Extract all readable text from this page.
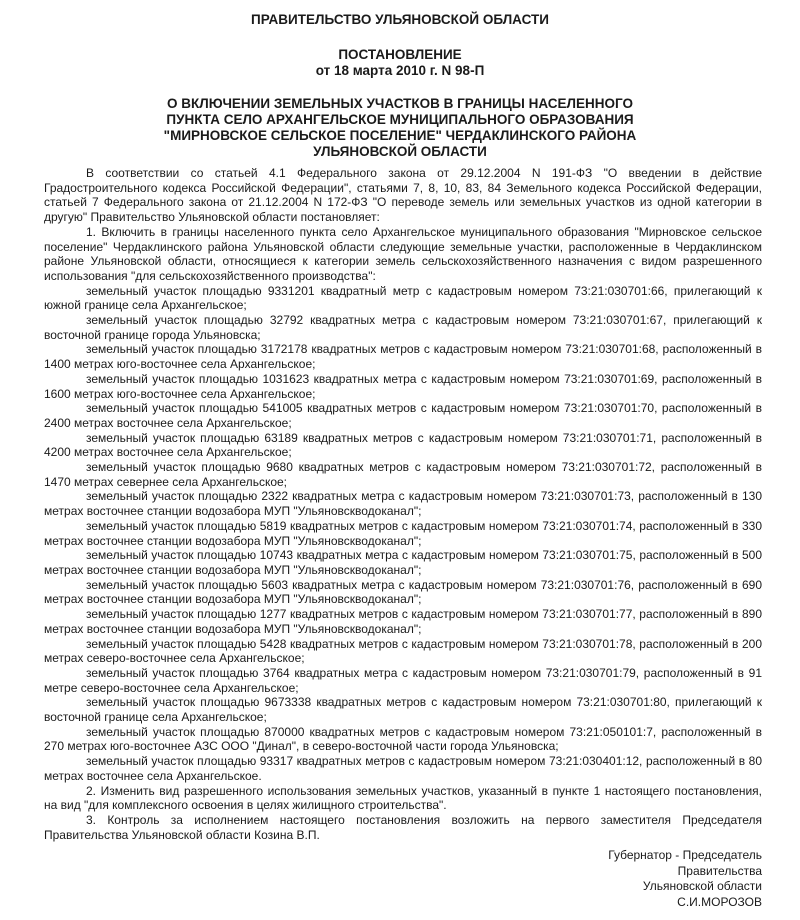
ПРАВИТЕЛЬСТВО УЛЬЯНОВСКОЙ ОБЛАСТИ
ПОСТАНОВЛЕНИЕ
от 18 марта 2010 г. N 98-П
О ВКЛЮЧЕНИИ ЗЕМЕЛЬНЫХ УЧАСТКОВ В ГРАНИЦЫ НАСЕЛЕННОГО
ПУНКТА СЕЛО АРХАНГЕЛЬСКОЕ МУНИЦИПАЛЬНОГО ОБРАЗОВАНИЯ
"МИРНОВСКОЕ СЕЛЬСКОЕ ПОСЕЛЕНИЕ" ЧЕРДАКЛИНСКОГО РАЙОНА
УЛЬЯНОВСКОЙ ОБЛАСТИ

В соответствии со статьей 4.1 Федерального закона от 29.12.2004 N 191-ФЗ "О введении в действие Градостроительного кодекса Российской Федерации", статьями 7, 8, 10, 83, 84 Земельного кодекса Российской Федерации, статьей 7 Федерального закона от 21.12.2004 N 172-ФЗ "О переводе земель или земельных участков из одной категории в другую" Правительство Ульяновской области постановляет:

1. Включить в границы населенного пункта село Архангельское муниципального образования "Мирновское сельское поселение" Чердаклинского района Ульяновской области следующие земельные участки, расположенные в Чердаклинском районе Ульяновской области, относящиеся к категории земель сельскохозяйственного назначения с видом разрешенного использования "для сельскохозяйственного производства":

земельный участок площадью 9331201 квадратный метр с кадастровым номером 73:21:030701:66, прилегающий к южной границе села Архангельское;

земельный участок площадью 32792 квадратных метра с кадастровым номером 73:21:030701:67, прилегающий к восточной границе города Ульяновска;

земельный участок площадью 3172178 квадратных метров с кадастровым номером 73:21:030701:68, расположенный в 1400 метрах юго-восточнее села Архангельское;

земельный участок площадью 1031623 квадратных метра с кадастровым номером 73:21:030701:69, расположенный в 1600 метрах юго-восточнее села Архангельское;

земельный участок площадью 541005 квадратных метров с кадастровым номером 73:21:030701:70, расположенный в 2400 метрах восточнее села Архангельское;

земельный участок площадью 63189 квадратных метров с кадастровым номером 73:21:030701:71, расположенный в 4200 метрах восточнее села Архангельское;

земельный участок площадью 9680 квадратных метров с кадастровым номером 73:21:030701:72, расположенный в 1470 метрах севернее села Архангельское;

земельный участок площадью 2322 квадратных метра с кадастровым номером 73:21:030701:73, расположенный в 130 метрах восточнее станции водозабора МУП "Ульяновскводоканал";

земельный участок площадью 5819 квадратных метров с кадастровым номером 73:21:030701:74, расположенный в 330 метрах восточнее станции водозабора МУП "Ульяновскводоканал";

земельный участок площадью 10743 квадратных метра с кадастровым номером 73:21:030701:75, расположенный в 500 метрах восточнее станции водозабора МУП "Ульяновскводоканал";

земельный участок площадью 5603 квадратных метра с кадастровым номером 73:21:030701:76, расположенный в 690 метрах восточнее станции водозабора МУП "Ульяновскводоканал";

земельный участок площадью 1277 квадратных метров с кадастровым номером 73:21:030701:77, расположенный в 890 метрах восточнее станции водозабора МУП "Ульяновскводоканал";

земельный участок площадью 5428 квадратных метров с кадастровым номером 73:21:030701:78, расположенный в 200 метрах северо-восточнее села Архангельское;

земельный участок площадью 3764 квадратных метра с кадастровым номером 73:21:030701:79, расположенный в 91 метре северо-восточнее села Архангельское;

земельный участок площадью 9673338 квадратных метров с кадастровым номером 73:21:030701:80, прилегающий к восточной границе села Архангельское;

земельный участок площадью 870000 квадратных метров с кадастровым номером 73:21:050101:7, расположенный в 270 метрах юго-восточнее АЗС ООО "Динал", в северо-восточной части города Ульяновска;

земельный участок площадью 93317 квадратных метров с кадастровым номером 73:21:030401:12, расположенный в 80 метрах восточнее села Архангельское.

2. Изменить вид разрешенного использования земельных участков, указанный в пункте 1 настоящего постановления, на вид "для комплексного освоения в целях жилищного строительства".

3. Контроль за исполнением настоящего постановления возложить на первого заместителя Председателя Правительства Ульяновской области Козина В.П.

Губернатор - Председатель
Правительства
Ульяновской области
С.И.МОРОЗОВ
